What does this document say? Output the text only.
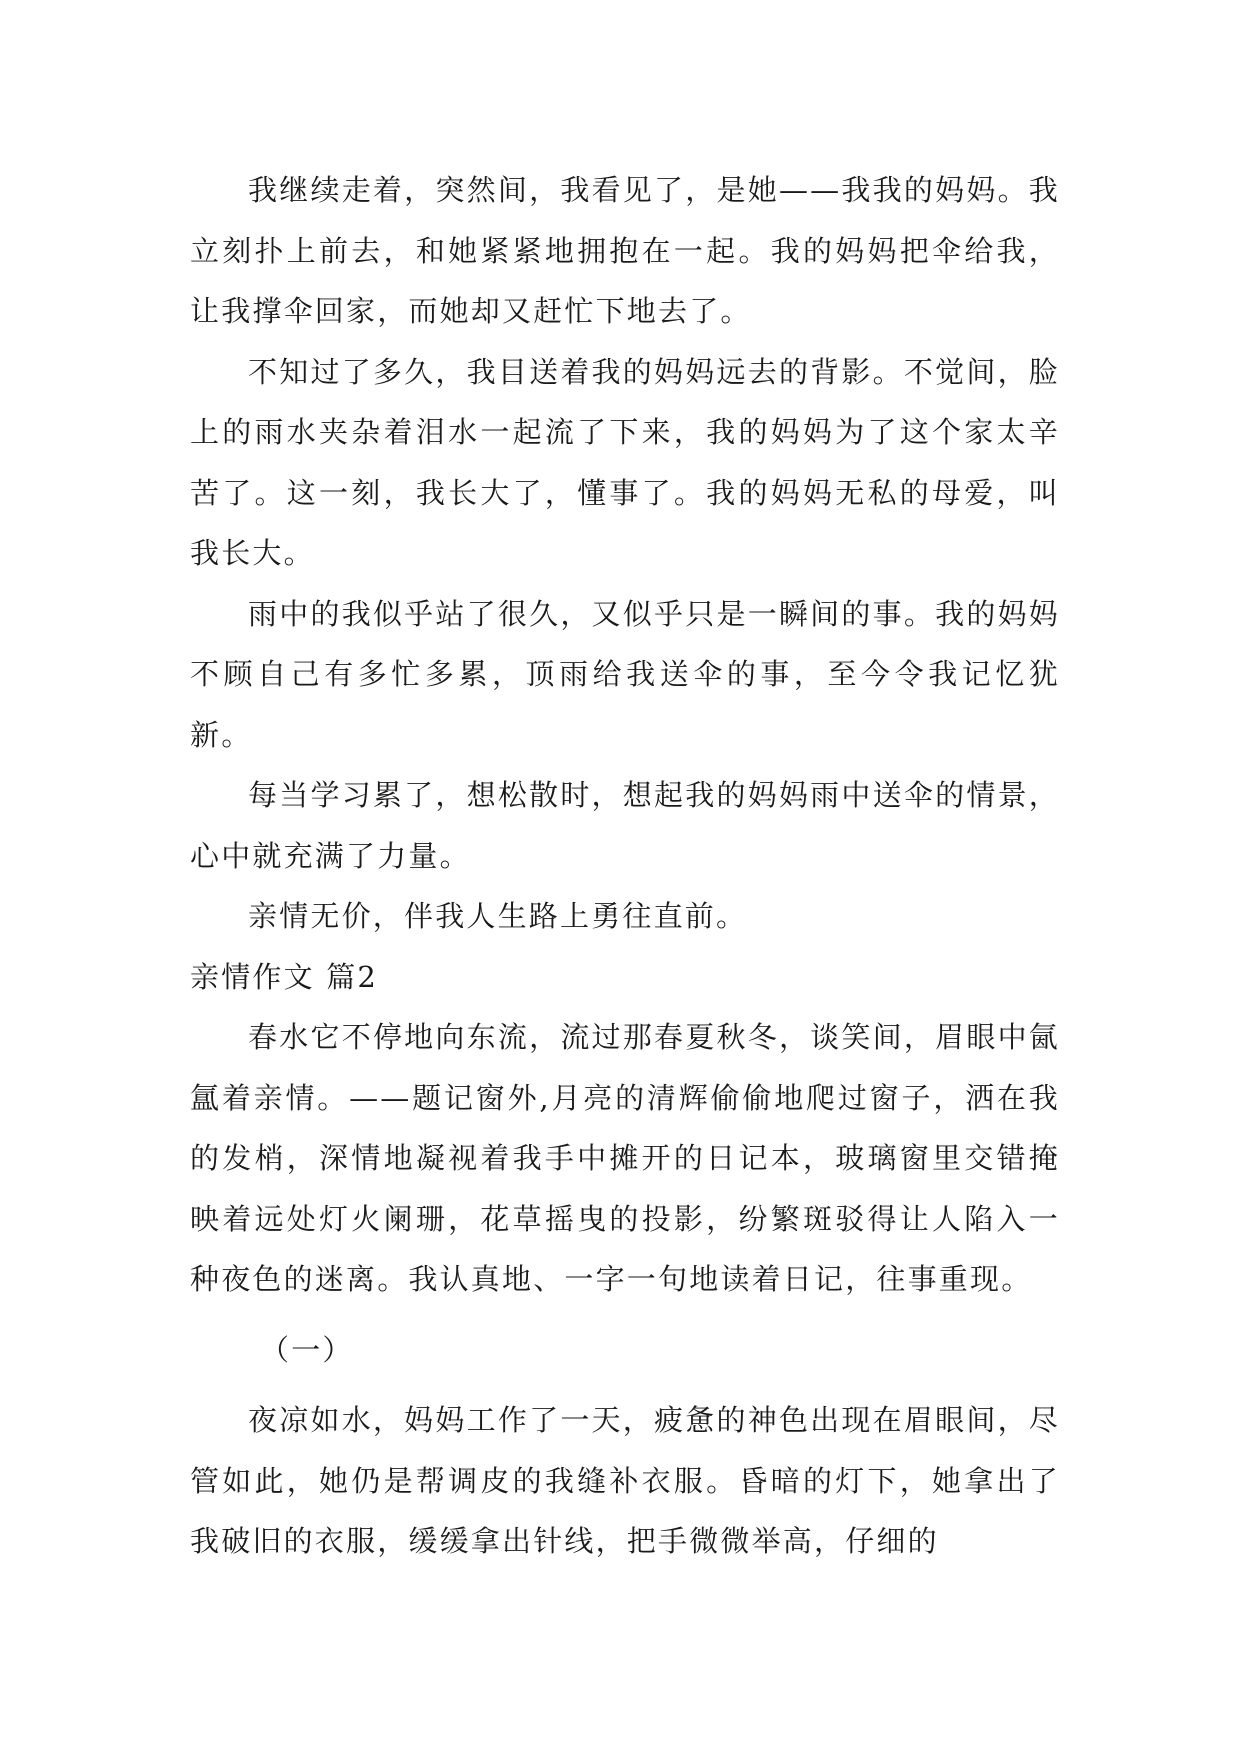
我继续走着，突然间，我看见了，是她——我我的妈妈。我立刻扑上前去，和她紧紧地拥抱在一起。我的妈妈把伞给我，让我撑伞回家，而她却又赶忙下地去了。

不知过了多久，我目送着我的妈妈远去的背影。不觉间，脸上的雨水夹杂着泪水一起流了下来，我的妈妈为了这个家太辛苦了。这一刻，我长大了，懂事了。我的妈妈无私的母爱，叫我长大。

雨中的我似乎站了很久，又似乎只是一瞬间的事。我的妈妈不顾自己有多忙多累，顶雨给我送伞的事，至今令我记忆犹新。

每当学习累了，想松散时，想起我的妈妈雨中送伞的情景，心中就充满了力量。

亲情无价，伴我人生路上勇往直前。

亲情作文 篇2

春水它不停地向东流，流过那春夏秋冬，谈笑间，眉眼中氤氲着亲情。——题记窗外,月亮的清辉偷偷地爬过窗子，洒在我的发梢，深情地凝视着我手中摊开的日记本，玻璃窗里交错掩映着远处灯火阑珊，花草摇曳的投影，纷繁斑驳得让人陷入一种夜色的迷离。我认真地、一字一句地读着日记，往事重现。

（一）

夜凉如水，妈妈工作了一天，疲惫的神色出现在眉眼间，尽管如此，她仍是帮调皮的我缝补衣服。昏暗的灯下，她拿出了我破旧的衣服，缓缓拿出针线，把手微微举高，仔细的
